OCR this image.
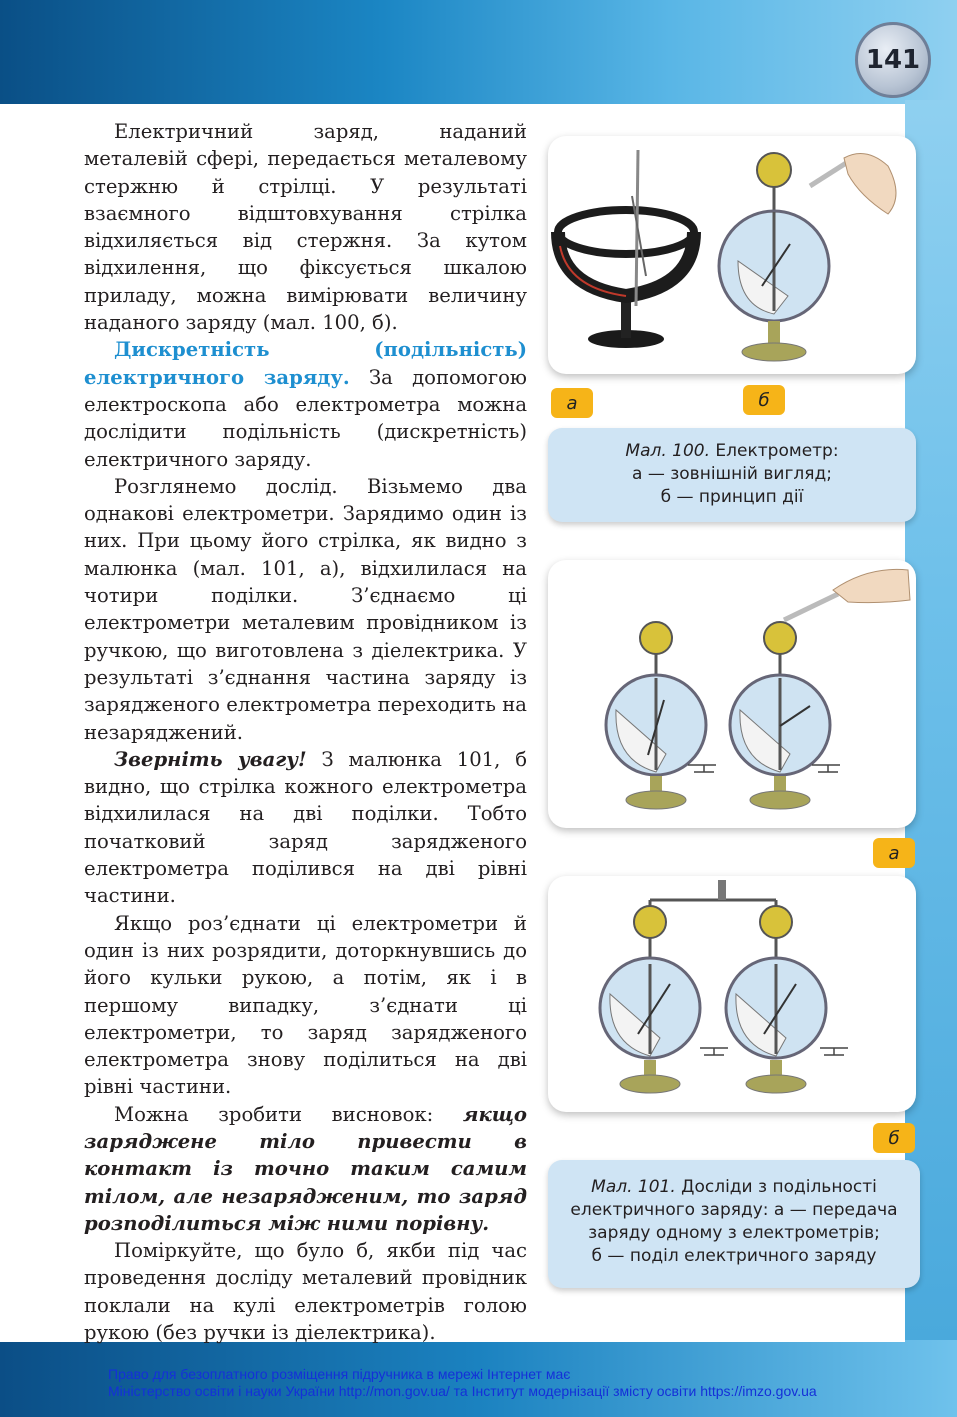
141

Електричний заряд, наданий металевій сфері, передається металевому стержню й стрілці. У результаті взаємного відштовхування стрілка відхиляється від стержня. За кутом відхилення, що фіксується шкалою приладу, можна вимірювати величину наданого заряду (мал. 100, б).

Дискретність (подільність) електричного заряду. За допомогою електроскопа або електрометра можна дослідити подільність (дискретність) електричного заряду.

Розглянемо дослід. Візьмемо два однакові електрометри. Зарядимо один із них. При цьому його стрілка, як видно з малюнка (мал. 101, а), відхилилася на чотири поділки. З’єднаємо ці електрометри металевим провідником із ручкою, що виготовлена з діелектрика. У результаті з’єднання частина заряду із зарядженого електрометра переходить на незаряджений.

Зверніть увагу! З малюнка 101, б видно, що стрілка кожного електрометра відхилилася на дві поділки. Тобто початковий заряд зарядженого електрометра поділився на дві рівні частини.

Якщо роз’єднати ці електрометри й один із них розрядити, доторкнувшись до його кульки рукою, а потім, як і в першому випадку, з’єднати ці електрометри, то заряд зарядженого електрометра знову поділиться на дві рівні частини.

Можна зробити висновок: якщо заряджене тіло привести в контакт із точно таким самим тілом, але незарядженим, то заряд розподілиться між ними порівну.

Поміркуйте, що було б, якби під час проведення досліду металевий провідник поклали на кулі електрометрів голою рукою (без ручки із діелектрика).

а	б
Мал. 100. Електрометр:
а — зовнішній вигляд;
б — принцип дії
а
б
Мал. 101. Досліди з подільності
електричного заряду: а — передача
заряду одному з електрометрів;
б — поділ електричного заряду
Право для безоплатного розміщення підручника в мережі Інтернет має
Міністерство освіти і науки України http://mon.gov.ua/ та Інститут модернізації змісту освіти https://imzo.gov.ua
